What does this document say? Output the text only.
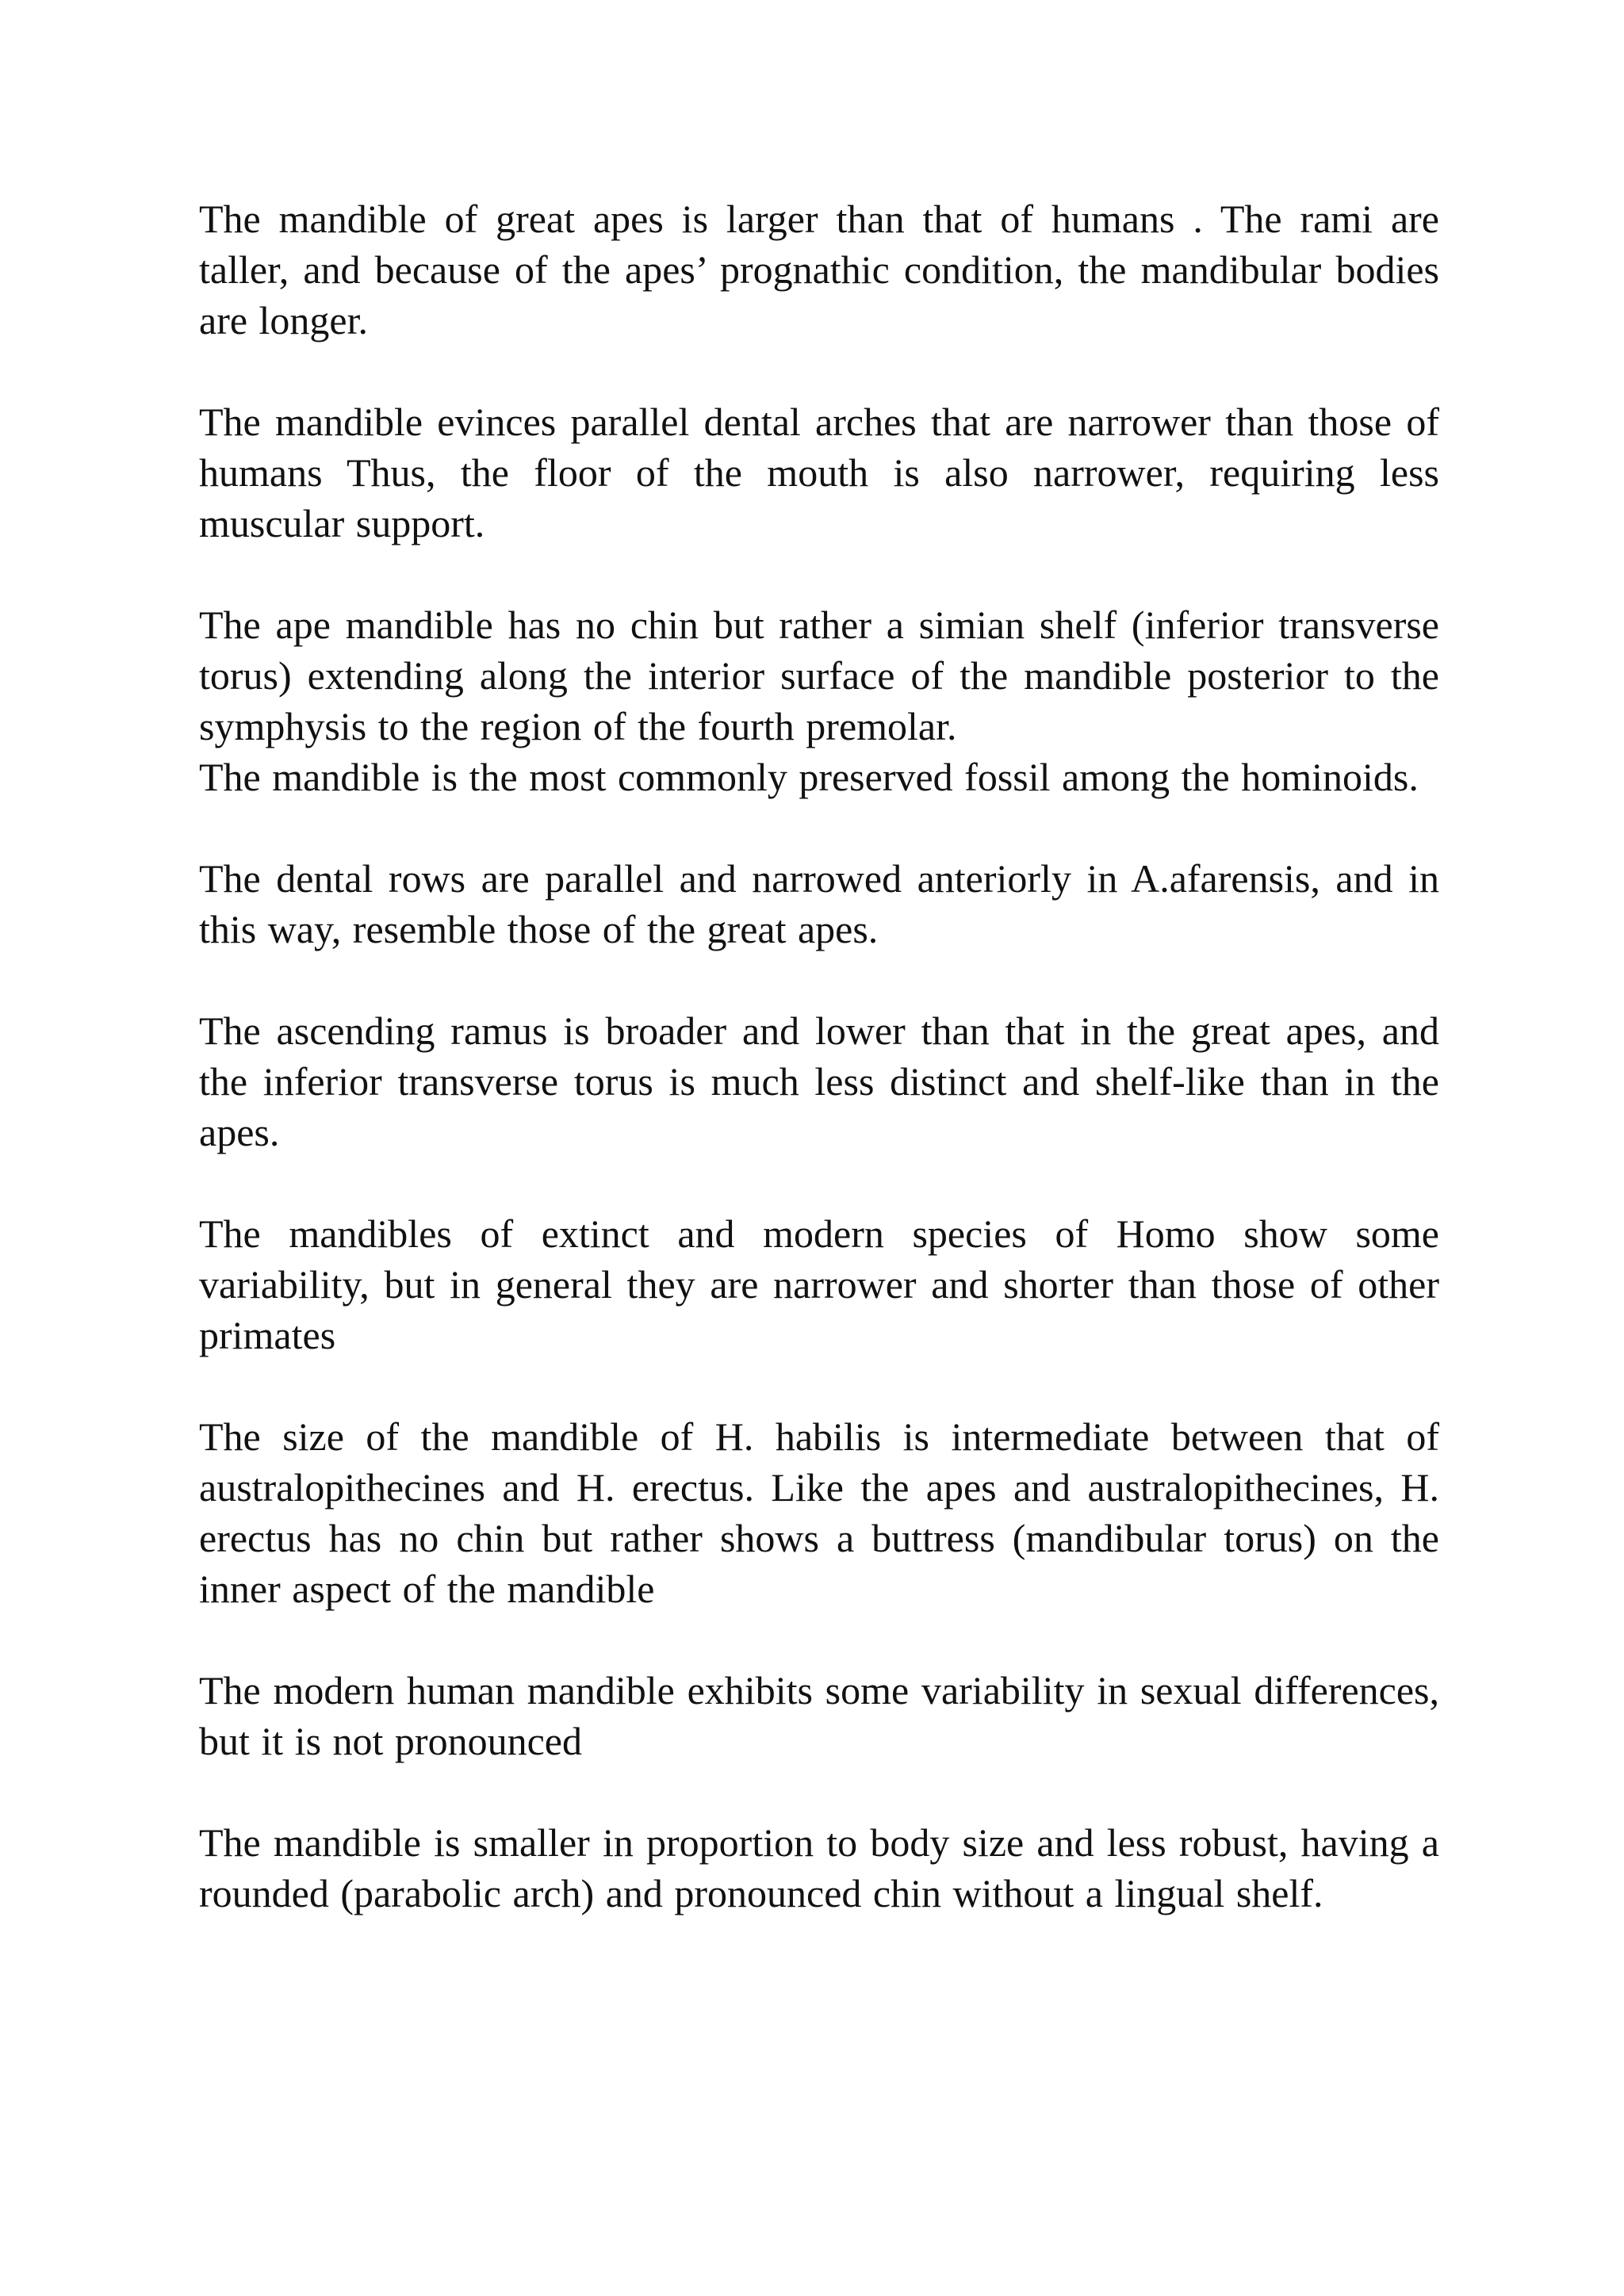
The mandible of great apes is larger than that of humans . The rami are taller, and because of the apes’ prognathic condition, the mandibular bodies are longer.

The mandible evinces parallel dental arches that are narrower than those of humans Thus, the floor of the mouth is also narrower, requiring less muscular support.

The ape mandible has no chin but rather a simian shelf (inferior transverse torus) extending along the interior surface of the mandible posterior to the symphysis to the region of the fourth premolar.

The mandible is the most commonly preserved fossil among the hominoids.

The dental rows are parallel and narrowed anteriorly in A.afarensis, and in this way, resemble those of the great apes.

The ascending ramus is broader and lower than that in the great apes, and the inferior transverse torus is much less distinct and shelf-like than in the apes.

The mandibles of extinct and modern species of Homo show some variability, but in general they are narrower and shorter than those of other primates

The size of the mandible of H. habilis is intermediate between that of australopithecines and H. erectus. Like the apes and australopithecines, H. erectus has no chin but rather shows a buttress (mandibular torus) on the inner aspect of the mandible

The modern human mandible exhibits some variability in sexual differences, but it is not pronounced

The mandible is smaller in proportion to body size and less robust, having a rounded (parabolic arch) and pronounced chin without a lingual shelf.
